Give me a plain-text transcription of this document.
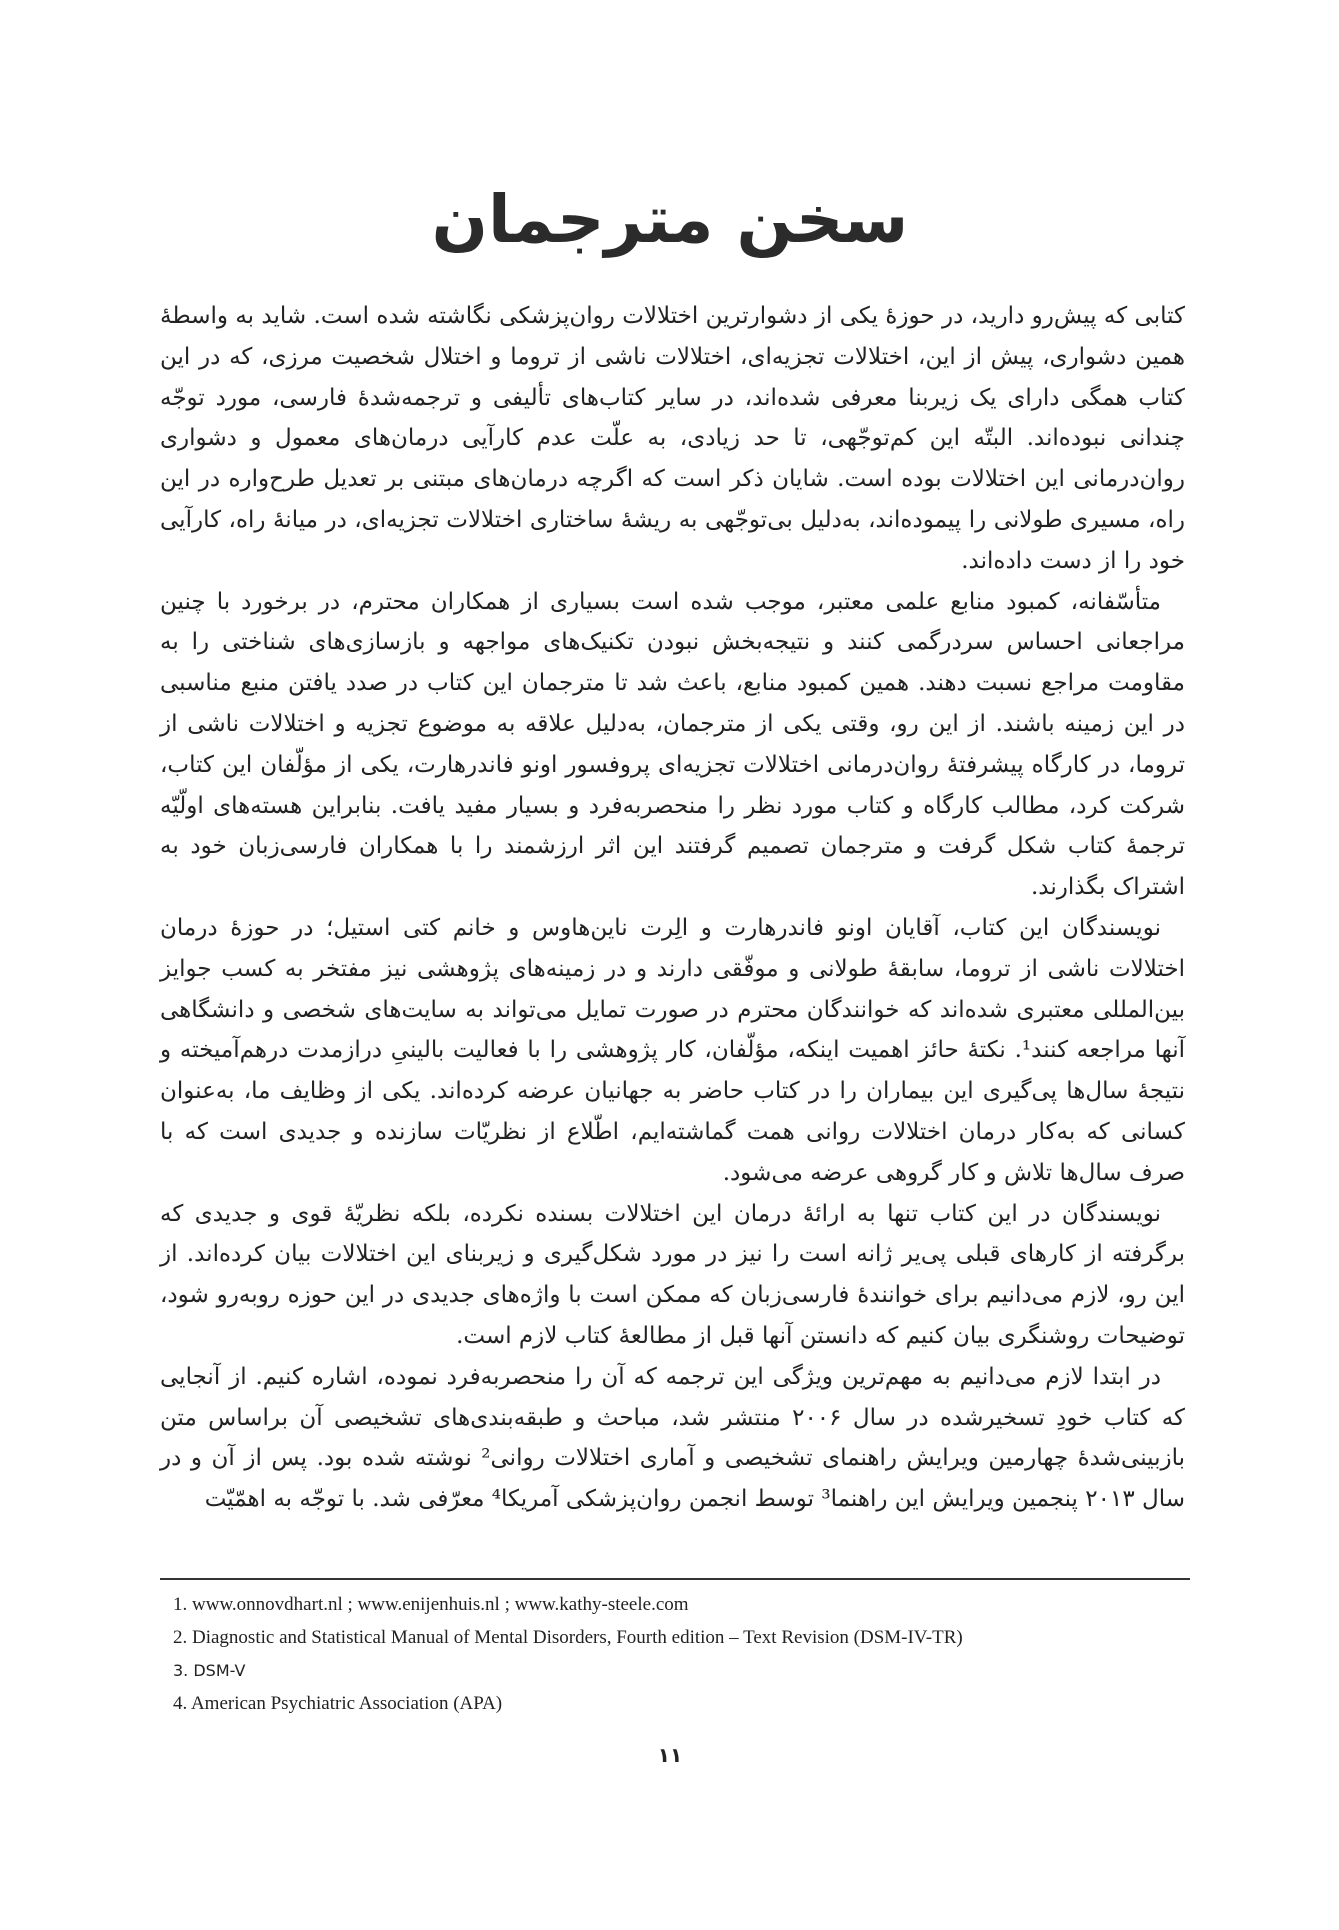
سخن مترجمان

کتابی که پیش‌رو دارید، در حوزۀ یکی از دشوارترین اختلالات روان‌پزشکی نگاشته شده است. شاید به واسطۀ همین دشواری، پیش از این، اختلالات تجزیه‌ای، اختلالات ناشی از تروما و اختلال شخصیت مرزی، که در این کتاب همگی دارای یک زیربنا معرفی شده‌اند، در سایر کتاب‌های تألیفی و ترجمه‌شدۀ فارسی، مورد توجّه چندانی نبوده‌اند. البتّه این کم‌توجّهی، تا حد زیادی، به علّت عدم کارآیی درمان‌های معمول و دشواری روان‌درمانی این اختلالات بوده است. شایان ذکر است که اگرچه درمان‌های مبتنی بر تعدیل طرح‌واره در این راه، مسیری طولانی را پیموده‌اند، به‌دلیل بی‌توجّهی به ریشۀ ساختاری اختلالات تجزیه‌ای، در میانۀ راه، کارآیی خود را از دست داده‌اند.

متأسّفانه، کمبود منابع علمی معتبر، موجب شده است بسیاری از همکاران محترم، در برخورد با چنین مراجعانی احساس سردرگمی کنند و نتیجه‌بخش نبودن تکنیک‌های مواجهه و بازسازی‌های شناختی را به مقاومت مراجع نسبت دهند. همین کمبود منابع، باعث شد تا مترجمان این کتاب در صدد یافتن منبع مناسبی در این زمینه باشند. از این رو، وقتی یکی از مترجمان، به‌دلیل علاقه به موضوع تجزیه و اختلالات ناشی از تروما، در کارگاه پیشرفتۀ روان‌درمانی اختلالات تجزیه‌ای پروفسور اونو فاندرهارت، یکی از مؤلّفان این کتاب، شرکت کرد، مطالب کارگاه و کتاب مورد نظر را منحصربه‌فرد و بسیار مفید یافت. بنابراین هسته‌های اولّیّه ترجمۀ کتاب شکل گرفت و مترجمان تصمیم گرفتند این اثر ارزشمند را با همکاران فارسی‌زبان خود به اشتراک بگذارند.

نویسندگان این کتاب، آقایان اونو فاندرهارت و الِرت ناین‌هاوس و خانم کتی استیل؛ در حوزۀ درمان اختلالات ناشی از تروما، سابقۀ طولانی و موفّقی دارند و در زمینه‌های پژوهشی نیز مفتخر به کسب جوایز بین‌المللی معتبری شده‌اند که خوانندگان محترم در صورت تمایل می‌تواند به سایت‌های شخصی و دانشگاهی آنها مراجعه کنند¹. نکتۀ حائز اهمیت اینکه، مؤلّفان، کار پژوهشی را با فعالیت بالینیِ درازمدت درهم‌آمیخته و نتیجۀ سال‌ها پی‌گیری این بیماران را در کتاب حاضر به جهانیان عرضه کرده‌اند. یکی از وظایف ما، به‌عنوان کسانی که به‌کار درمان اختلالات روانی همت گماشته‌ایم، اطّلاع از نظریّات سازنده و جدیدی است که با صرف سال‌ها تلاش و کار گروهی عرضه می‌شود.

نویسندگان در این کتاب تنها به ارائۀ درمان این اختلالات بسنده نکرده، بلکه نظریّۀ قوی و جدیدی که برگرفته از کارهای قبلی پی‌یر ژانه است را نیز در مورد شکل‌گیری و زیربنای این اختلالات بیان کرده‌اند. از این رو، لازم می‌دانیم برای خوانندۀ فارسی‌زبان که ممکن است با واژه‌های جدیدی در این حوزه روبه‌رو شود، توضیحات روشنگری بیان کنیم که دانستن آنها قبل از مطالعۀ کتاب لازم است.

در ابتدا لازم می‌دانیم به مهم‌ترین ویژگی این ترجمه که آن را منحصربه‌فرد نموده، اشاره کنیم. از آنجایی که کتاب خودِ تسخیرشده در سال ۲۰۰۶ منتشر شد، مباحث و طبقه‌بندی‌های تشخیصی آن براساس متن بازبینی‌شدۀ چهارمین ویرایش راهنمای تشخیصی و آماری اختلالات روانی² نوشته شده بود. پس از آن و در سال ۲۰۱۳ پنجمین ویرایش این راهنما³ توسط انجمن روان‌پزشکی آمریکا⁴ معرّفی شد. با توجّه به اهمّیّت

1. www.onnovdhart.nl ; www.enijenhuis.nl ; www.kathy-steele.com
2. Diagnostic and Statistical Manual of Mental Disorders, Fourth edition – Text Revision (DSM-IV-TR)
3. DSM-V
4. American Psychiatric Association (APA)
۱۱
